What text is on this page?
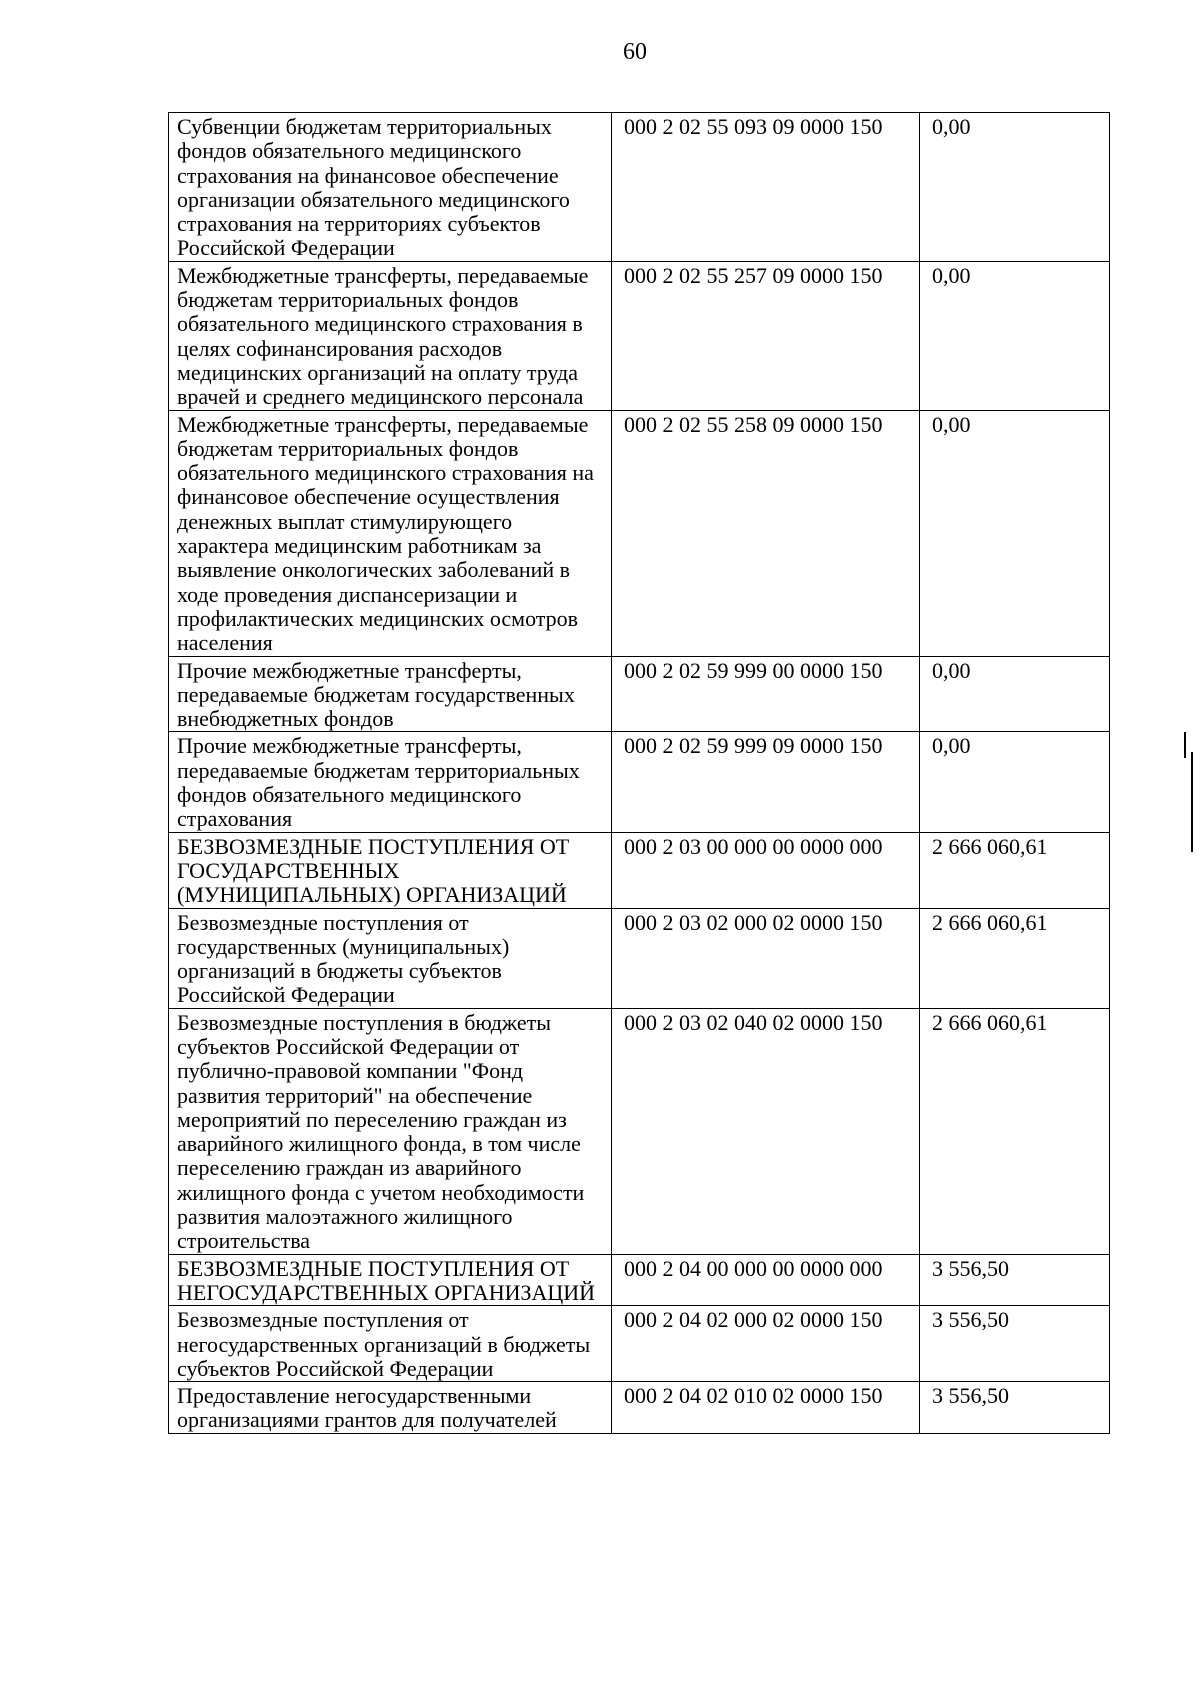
60
Субвенции бюджетам территориальных фондов обязательного медицинского страхования на финансовое обеспечение организации обязательного медицинского страхования на территориях субъектов Российской Федерации	000 2 02 55 093 09 0000 150	0,00
Межбюджетные трансферты, передаваемые бюджетам территориальных фондов обязательного медицинского страхования в целях софинансирования расходов медицинских организаций на оплату труда врачей и среднего медицинского персонала	000 2 02 55 257 09 0000 150	0,00
Межбюджетные трансферты, передаваемые бюджетам территориальных фондов обязательного медицинского страхования на финансовое обеспечение осуществления денежных выплат стимулирующего характера медицинским работникам за выявление онкологических заболеваний в ходе проведения диспансеризации и профилактических медицинских осмотров населения	000 2 02 55 258 09 0000 150	0,00
Прочие межбюджетные трансферты, передаваемые бюджетам государственных внебюджетных фондов	000 2 02 59 999 00 0000 150	0,00
Прочие межбюджетные трансферты, передаваемые бюджетам территориальных фондов обязательного медицинского страхования	000 2 02 59 999 09 0000 150	0,00
БЕЗВОЗМЕЗДНЫЕ ПОСТУПЛЕНИЯ ОТ ГОСУДАРСТВЕННЫХ (МУНИЦИПАЛЬНЫХ) ОРГАНИЗАЦИЙ	000 2 03 00 000 00 0000 000	2 666 060,61
Безвозмездные поступления от государственных (муниципальных) организаций в бюджеты субъектов Российской Федерации	000 2 03 02 000 02 0000 150	2 666 060,61
Безвозмездные поступления в бюджеты субъектов Российской Федерации от публично-правовой компании "Фонд развития территорий" на обеспечение мероприятий по переселению граждан из аварийного жилищного фонда, в том числе переселению граждан из аварийного жилищного фонда с учетом необходимости развития малоэтажного жилищного строительства	000 2 03 02 040 02 0000 150	2 666 060,61
БЕЗВОЗМЕЗДНЫЕ ПОСТУПЛЕНИЯ ОТ НЕГОСУДАРСТВЕННЫХ ОРГАНИЗАЦИЙ	000 2 04 00 000 00 0000 000	3 556,50
Безвозмездные поступления от негосударственных организаций в бюджеты субъектов Российской Федерации	000 2 04 02 000 02 0000 150	3 556,50
Предоставление негосударственными организациями грантов для получателей	000 2 04 02 010 02 0000 150	3 556,50
